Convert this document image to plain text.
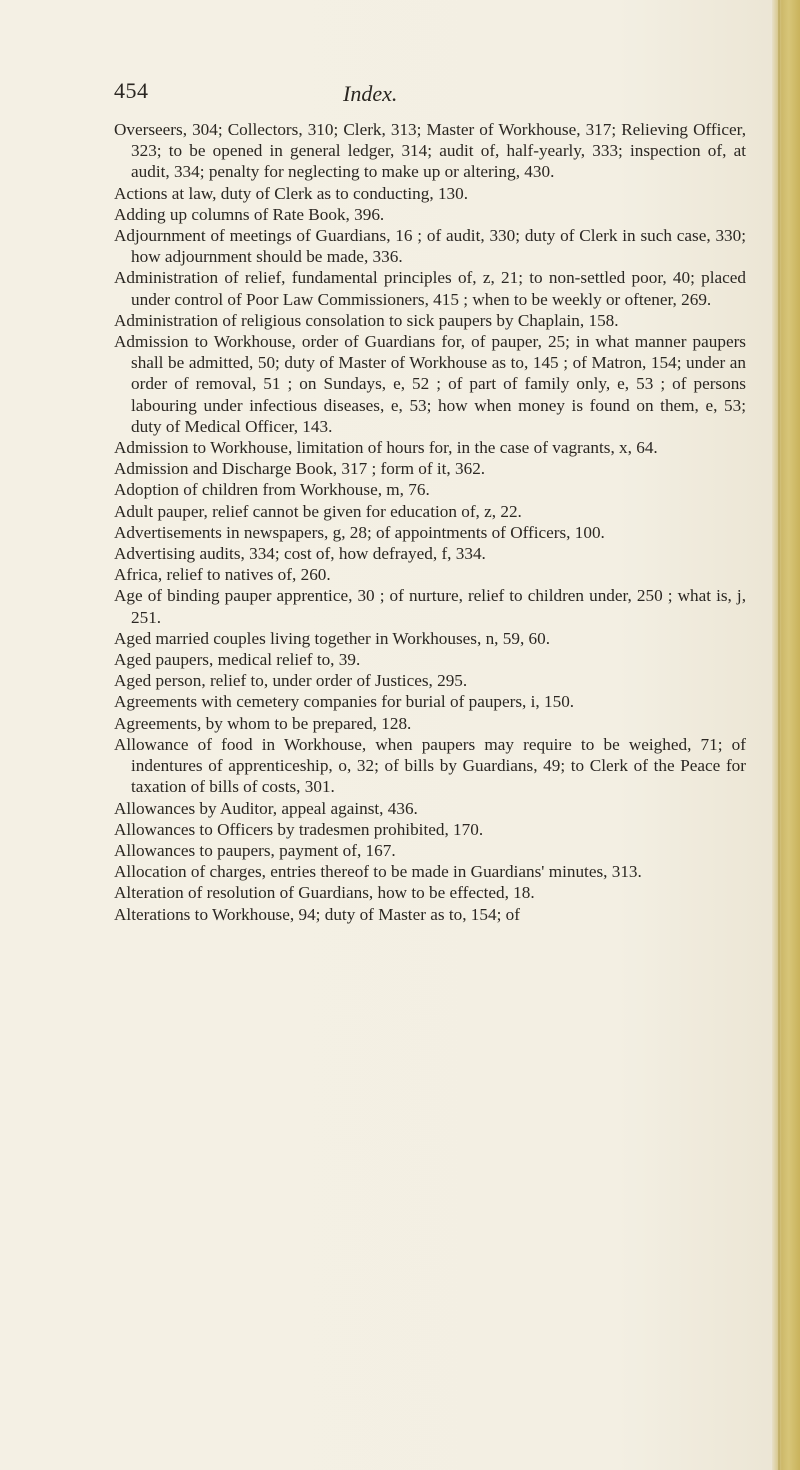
454	Index.

Overseers, 304; Collectors, 310; Clerk, 313; Master of Workhouse, 317; Relieving Officer, 323; to be opened in general ledger, 314; audit of, half-yearly, 333; inspection of, at audit, 334; penalty for neglecting to make up or altering, 430.

Actions at law, duty of Clerk as to conducting, 130.

Adding up columns of Rate Book, 396.

Adjournment of meetings of Guardians, 16 ; of audit, 330; duty of Clerk in such case, 330; how adjournment should be made, 336.

Administration of relief, fundamental principles of, z, 21; to non-settled poor, 40; placed under control of Poor Law Commissioners, 415 ; when to be weekly or oftener, 269.

Administration of religious consolation to sick paupers by Chaplain, 158.

Admission to Workhouse, order of Guardians for, of pauper, 25; in what manner paupers shall be admitted, 50; duty of Master of Workhouse as to, 145 ; of Matron, 154; under an order of removal, 51 ; on Sundays, e, 52 ; of part of family only, e, 53 ; of persons labouring under infectious diseases, e, 53; how when money is found on them, e, 53; duty of Medical Officer, 143.

Admission to Workhouse, limitation of hours for, in the case of vagrants, x, 64.

Admission and Discharge Book, 317 ; form of it, 362.

Adoption of children from Workhouse, m, 76.

Adult pauper, relief cannot be given for education of, z, 22.

Advertisements in newspapers, g, 28; of appointments of Officers, 100.

Advertising audits, 334; cost of, how defrayed, f, 334.

Africa, relief to natives of, 260.

Age of binding pauper apprentice, 30 ; of nurture, relief to children under, 250 ; what is, j, 251.

Aged married couples living together in Workhouses, n, 59, 60.

Aged paupers, medical relief to, 39.

Aged person, relief to, under order of Justices, 295.

Agreements with cemetery companies for burial of paupers, i, 150.

Agreements, by whom to be prepared, 128.

Allowance of food in Workhouse, when paupers may require to be weighed, 71; of indentures of apprenticeship, o, 32; of bills by Guardians, 49; to Clerk of the Peace for taxation of bills of costs, 301.

Allowances by Auditor, appeal against, 436.

Allowances to Officers by tradesmen prohibited, 170.

Allowances to paupers, payment of, 167.

Allocation of charges, entries thereof to be made in Guardians' minutes, 313.

Alteration of resolution of Guardians, how to be effected, 18.

Alterations to Workhouse, 94; duty of Master as to, 154; of
